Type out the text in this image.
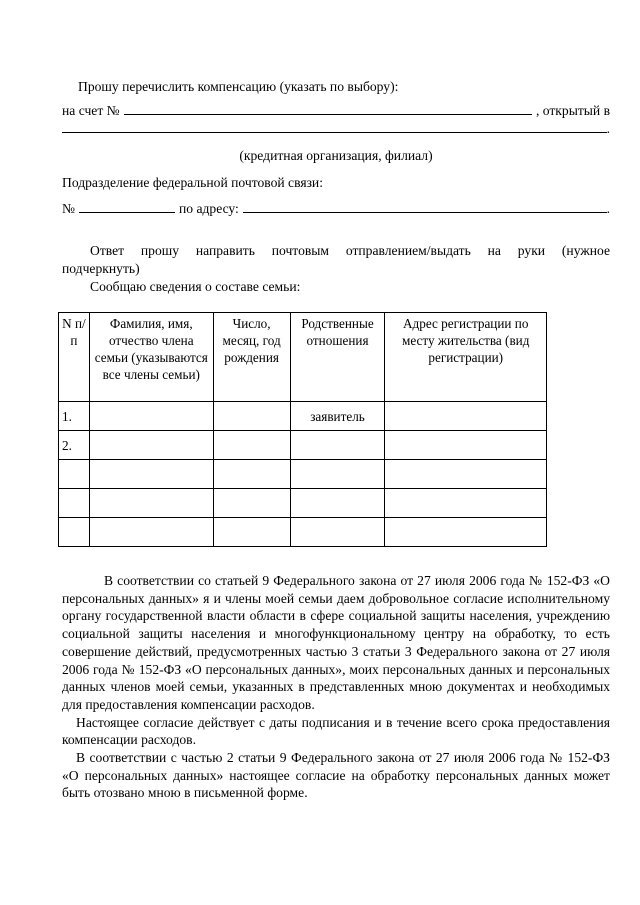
Прошу перечислить компенсацию (указать по выбору):
на счет №	, открытый в
.
(кредитная организация, филиал)
Подразделение федеральной почтовой связи:
№	по адресу:	.
Ответ прошу направить почтовым отправлением/выдать на руки (нужное
подчеркнуть)
Сообщаю сведения о составе семьи:
N п/п	Фамилия, имя, отчество члена семьи (указываются все члены семьи)	Число, месяц, год рождения	Родственные отношения	Адрес регистрации по месту жительства (вид регистрации)
1.			заявитель	
2.				

В соответствии со статьей 9 Федерального закона от 27 июля 2006 года № 152-ФЗ «О персональных данных» я и члены моей семьи даем добровольное согласие исполнительному органу государственной власти области в сфере социальной защиты населения, учреждению социальной защиты населения и многофункциональному центру на обработку, то есть совершение действий, предусмотренных частью 3 статьи 3 Федерального закона от 27 июля 2006 года № 152-ФЗ «О персональных данных», моих персональных данных и персональных данных членов моей семьи, указанных в представленных мною документах и необходимых для предоставления компенсации расходов.

Настоящее согласие действует с даты подписания и в течение всего срока предоставления компенсации расходов.

В соответствии с частью 2 статьи 9 Федерального закона от 27 июля 2006 года № 152-ФЗ «О персональных данных» настоящее согласие на обработку персональных данных может быть отозвано мною в письменной форме.
